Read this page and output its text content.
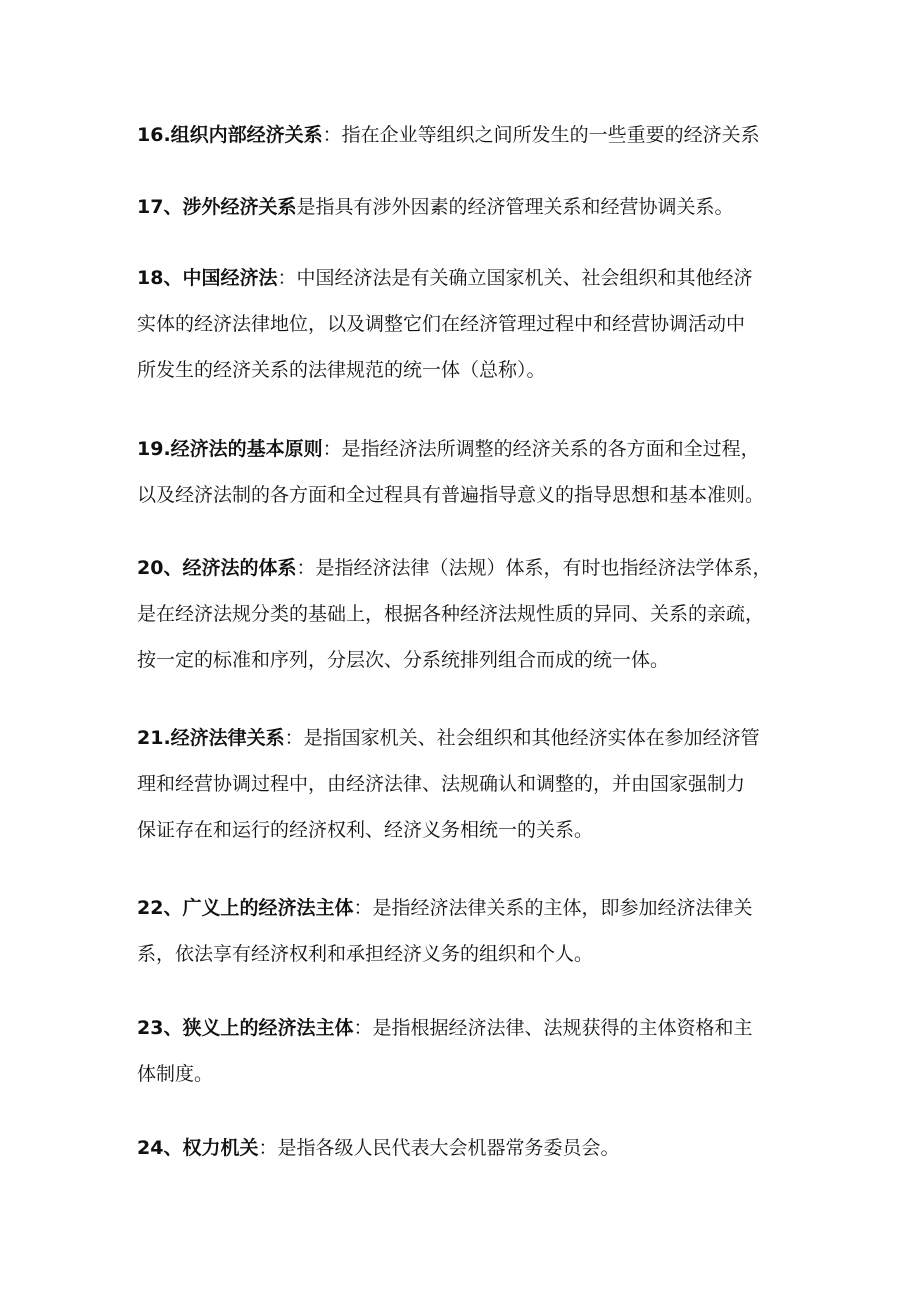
16.组织内部经济关系：指在企业等组织之间所发生的一些重要的经济关系
17、涉外经济关系是指具有涉外因素的经济管理关系和经营协调关系。
18、中国经济法：中国经济法是有关确立国家机关、社会组织和其他经济
实体的经济法律地位，以及调整它们在经济管理过程中和经营协调活动中
所发生的经济关系的法律规范的统一体（总称）。
19.经济法的基本原则：是指经济法所调整的经济关系的各方面和全过程，
以及经济法制的各方面和全过程具有普遍指导意义的指导思想和基本准则。
20、经济法的体系：是指经济法律（法规）体系，有时也指经济法学体系，
是在经济法规分类的基础上，根据各种经济法规性质的异同、关系的亲疏，
按一定的标准和序列，分层次、分系统排列组合而成的统一体。
21.经济法律关系：是指国家机关、社会组织和其他经济实体在参加经济管
理和经营协调过程中，由经济法律、法规确认和调整的，并由国家强制力
保证存在和运行的经济权利、经济义务相统一的关系。
22、广义上的经济法主体：是指经济法律关系的主体，即参加经济法律关
系，依法享有经济权利和承担经济义务的组织和个人。
23、狭义上的经济法主体：是指根据经济法律、法规获得的主体资格和主
体制度。
24、权力机关：是指各级人民代表大会机器常务委员会。
